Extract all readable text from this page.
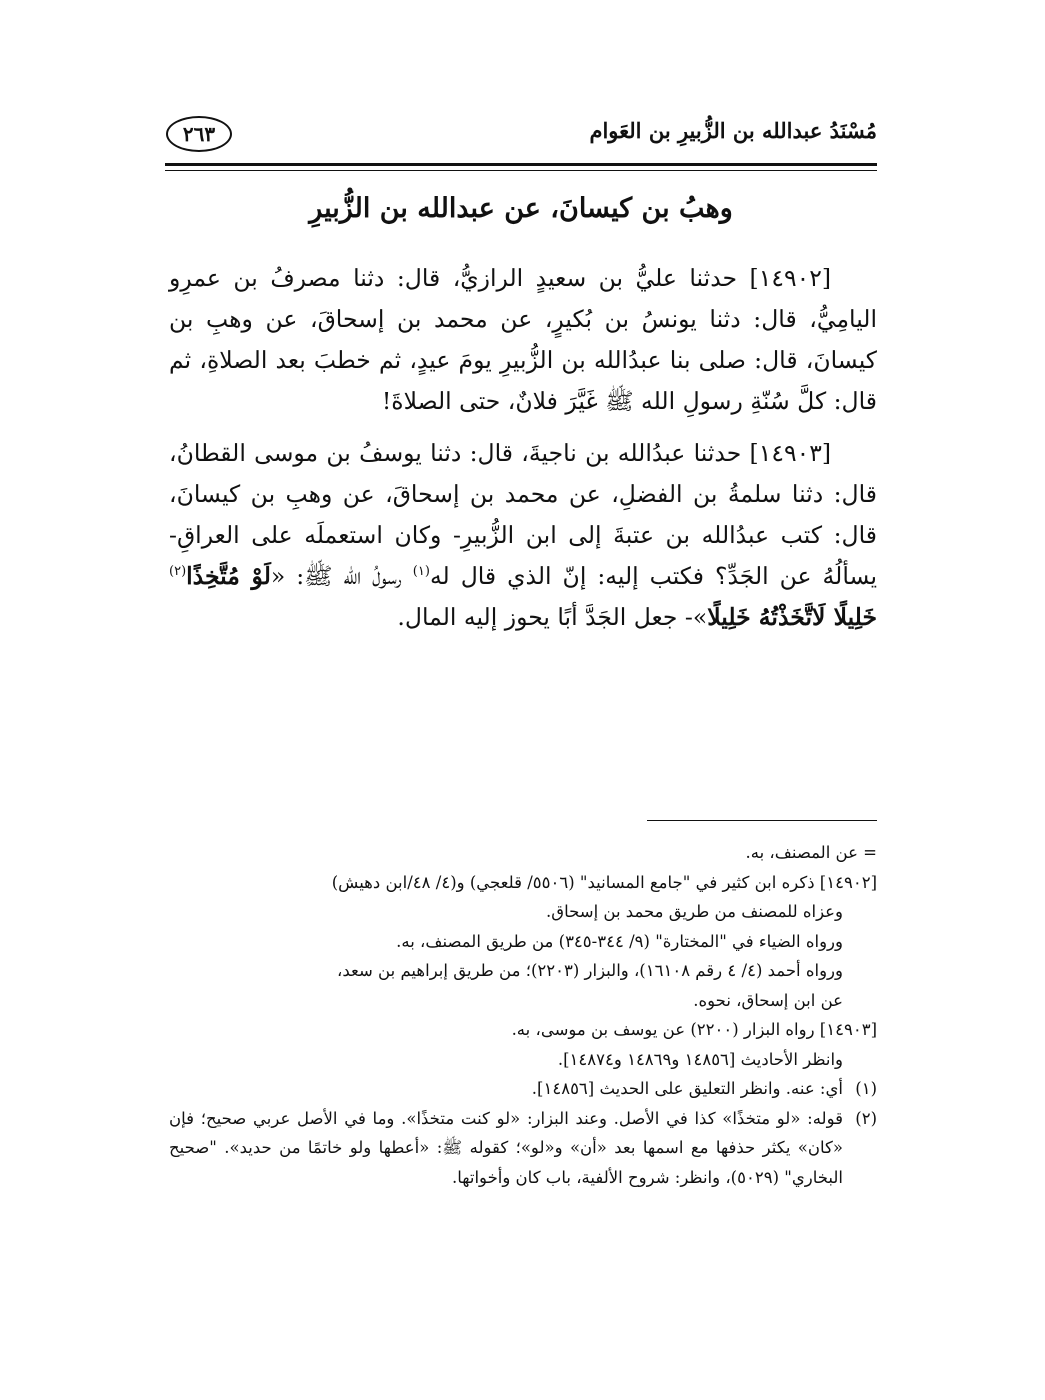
مُسْنَدُ عبدالله بن الزُّبيرِ بن العَوام
٢٦٣
وهبُ بن كيسانَ، عن عبدالله بن الزُّبيرِ

[١٤٩٠٢] حدثنا عليُّ بن سعيدٍ الرازيُّ، قال: دثنا مصرفُ بن عمرِو اليامِيُّ، قال: دثنا يونسُ بن بُكيرٍ، عن محمد بن إسحاقَ، عن وهبِ بن كيسانَ، قال: صلى بنا عبدُالله بن الزُّبيرِ يومَ عيدٍ، ثم خطبَ بعد الصلاةِ، ثم قال: كلَّ سُنّةِ رسولِ الله ﷺ غَيَّرَ فلانٌ، حتى الصلاةَ!

[١٤٩٠٣] حدثنا عبدُالله بن ناجيةَ، قال: دثنا يوسفُ بن موسى القطانُ، قال: دثنا سلمةُ بن الفضلِ، عن محمد بن إسحاقَ، عن وهبِ بن كيسانَ، قال: كتب عبدُالله بن عتبةَ إلى ابن الزُّبيرِ- وكان استعملَه على العراقِ- يسألُهُ عن الجَدِّ؟ فكتب إليه: إنّ الذي قال له$^{(١)}$ رسولُ الله ﷺ: «لَوْ مُتَّخِذًا$^{(٢)}$ خَلِيلًا لَاتَّخَذْتُهُ خَلِيلًا»- جعل الجَدَّ أبًا يحوز إليه المال.

= عن المصنف، به.

[١٤٩٠٢] ذكره ابن كثير في "جامع المسانيد" (٥٥٠٦/ قلعجي) و(٤/ ٤٨/ابن دهيش)

وعزاه للمصنف من طريق محمد بن إسحاق.

ورواه الضياء في "المختارة" (٩/ ٣٤٤-٣٤٥) من طريق المصنف، به.

ورواه أحمد (٤/ ٤ رقم ١٦١٠٨)، والبزار (٢٢٠٣)؛ من طريق إبراهيم بن سعد،

عن ابن إسحاق، نحوه.

[١٤٩٠٣] رواه البزار (٢٢٠٠) عن يوسف بن موسى، به.

وانظر الأحاديث [١٤٨٥٦ و١٤٨٦٩ و١٤٨٧٤].

(١)أي: عنه. وانظر التعليق على الحديث [١٤٨٥٦].

(٢)قوله: «لو متخذًا» كذا في الأصل. وعند البزار: «لو كنت متخذًا». وما في الأصل عربي صحيح؛ فإن «كان» يكثر حذفها مع اسمها بعد «أن» و«لو»؛ كقوله ﷺ: «أعطها ولو خاتمًا من حديد». "صحيح البخاري" (٥٠٢٩)، وانظر: شروح الألفية، باب كان وأخواتها.
